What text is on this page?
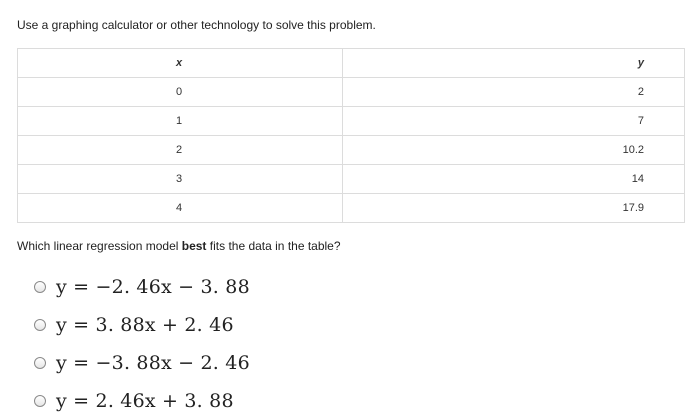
Use a graphing calculator or other technology to solve this problem.
x	y
0	2
1	7
2	10.2
3	14
4	17.9
Which linear regression model best fits the data in the table?
y = −2. 46x − 3. 88
y = 3. 88x + 2. 46
y = −3. 88x − 2. 46
y = 2. 46x + 3. 88
